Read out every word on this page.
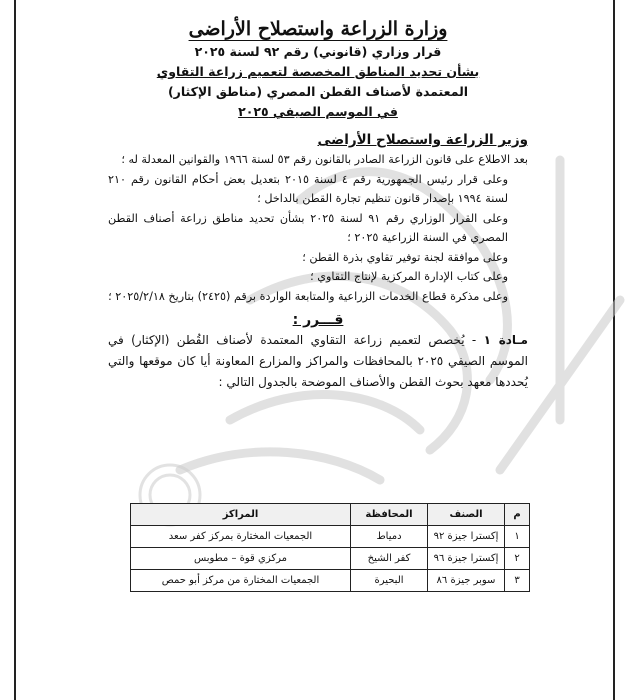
وزارة الزراعة واستصلاح الأراضى
قرار وزاري (قانوني) رقم ٩٢ لسنة ٢٠٢٥
بشأن تحديد المناطق المخصصة لتعميم زراعة التقاوي
المعتمدة لأصناف القطن المصري (مناطق الإكثار)
في الموسم الصيفي ٢٠٢٥
وزير الزراعة واستصلاح الأراضى
بعد الاطلاع على قانون الزراعة الصادر بالقانون رقم ٥٣ لسنة ١٩٦٦ والقوانين المعدلة له ؛
وعلى قرار رئيس الجمهورية رقم ٤ لسنة ٢٠١٥ بتعديل بعض أحكام القانون رقم ٢١٠ لسنة ١٩٩٤ بإصدار قانون تنظيم تجارة القطن بالداخل ؛
وعلى القرار الوزاري رقم ٩١ لسنة ٢٠٢٥ بشأن تحديد مناطق زراعة أصناف القطن المصري في السنة الزراعية ٢٠٢٥ ؛
وعلى موافقة لجنة توفير تقاوي بذرة القطن ؛
وعلى كتاب الإدارة المركزية لإنتاج التقاوي ؛
وعلى مذكرة قطاع الخدمات الزراعية والمتابعة الواردة برقم (٢٤٢٥) بتاريخ ٢٠٢٥/٢/١٨ ؛
قـــرر :
مـادة ١ - يُخصص لتعميم زراعة التقاوي المعتمدة لأصناف القُطن (الإكثار) في الموسم الصيفي ٢٠٢٥ بالمحافظات والمراكز والمزارع المعاونة أيا كان موقعها والتي يُحددها معهد بحوث القطن والأصناف الموضحة بالجدول التالي :
م	الصنف	المحافظة	المراكز
١	إكسترا جيزة ٩٢	دمياط	الجمعيات المختارة بمركز كفر سعد
٢	إكسترا جيزة ٩٦	كفر الشيخ	مركزي قوة – مطوبس
٣	سوبر جيزة ٨٦	البحيرة	الجمعيات المختارة من مركز أبو حمص
